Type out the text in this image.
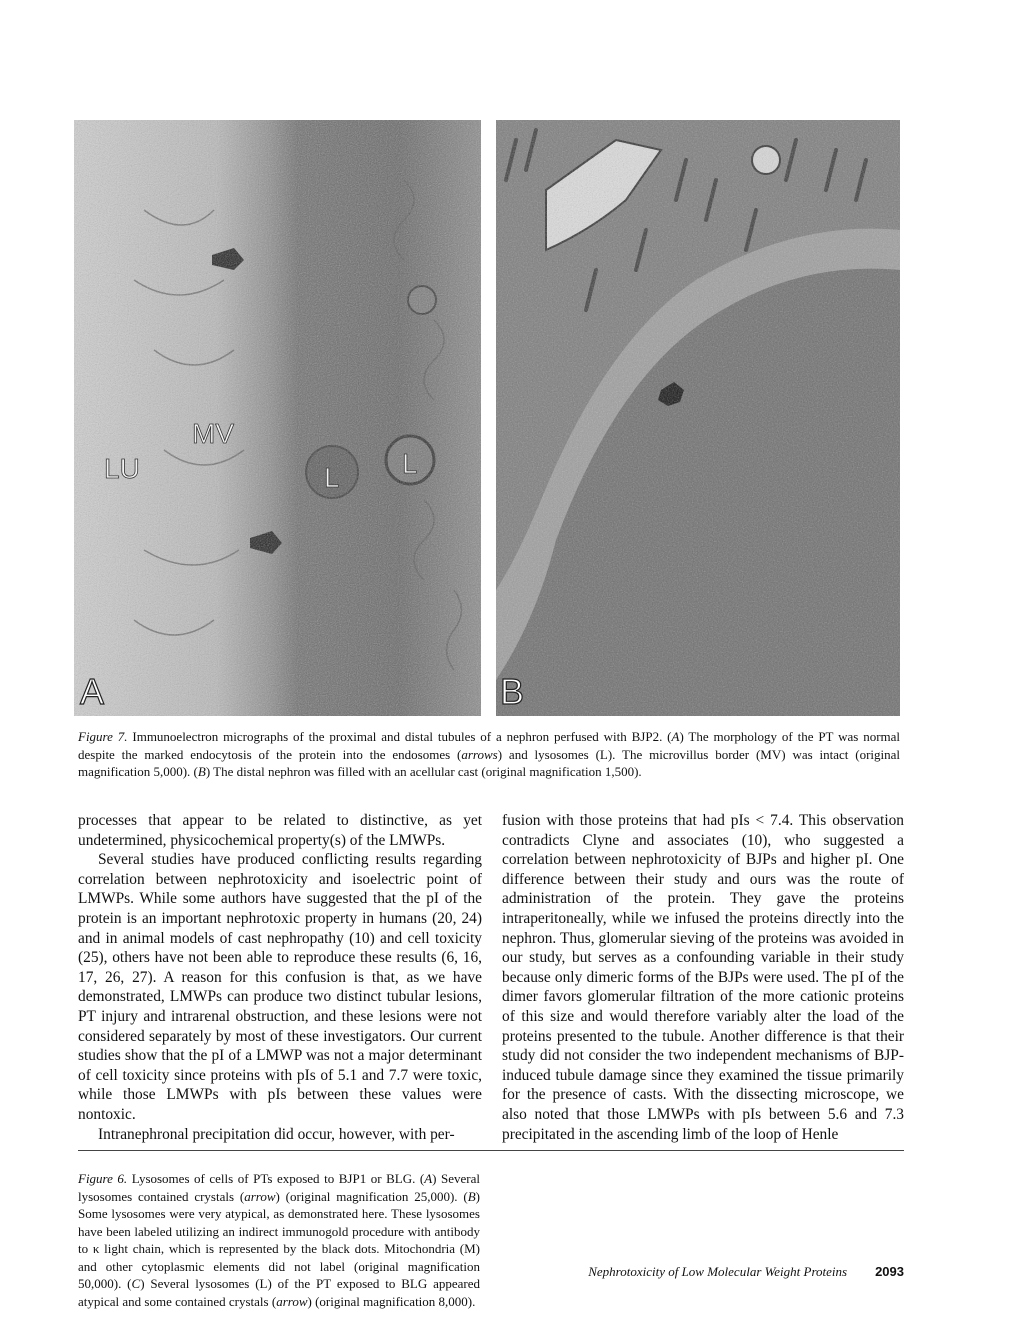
LU
MV
L L
A	B
Figure 7. Immunoelectron micrographs of the proximal and distal tubules of a nephron perfused with BJP2. (A) The morphology of the PT was normal despite the marked endocytosis of the protein into the endosomes (arrows) and lysosomes (L). The microvillus border (MV) was intact (original magnification 5,000). (B) The distal nephron was filled with an acellular cast (original magnification 1,500).

processes that appear to be related to distinctive, as yet undetermined, physicochemical property(s) of the LMWPs.

Several studies have produced conflicting results regarding correlation between nephrotoxicity and isoelectric point of LMWPs. While some authors have suggested that the pI of the protein is an important nephrotoxic property in humans (20, 24) and in animal models of cast nephropathy (10) and cell toxicity (25), others have not been able to reproduce these results (6, 16, 17, 26, 27). A reason for this confusion is that, as we have demonstrated, LMWPs can produce two distinct tubular lesions, PT injury and intrarenal obstruction, and these lesions were not considered separately by most of these investigators. Our current studies show that the pI of a LMWP was not a major determinant of cell toxicity since proteins with pIs of 5.1 and 7.7 were toxic, while those LMWPs with pIs between these values were nontoxic.

Intranephronal precipitation did occur, however, with per-

fusion with those proteins that had pIs < 7.4. This observation contradicts Clyne and associates (10), who suggested a correlation between nephrotoxicity of BJPs and higher pI. One difference between their study and ours was the route of administration of the protein. They gave the proteins intraperitoneally, while we infused the proteins directly into the nephron. Thus, glomerular sieving of the proteins was avoided in our study, but serves as a confounding variable in their study because only dimeric forms of the BJPs were used. The pI of the dimer favors glomerular filtration of the more cationic proteins of this size and would therefore variably alter the load of the proteins presented to the tubule. Another difference is that their study did not consider the two independent mechanisms of BJP-induced tubule damage since they examined the tissue primarily for the presence of casts. With the dissecting microscope, we also noted that those LMWPs with pIs between 5.6 and 7.3 precipitated in the ascending limb of the loop of Henle

Figure 6. Lysosomes of cells of PTs exposed to BJP1 or BLG. (A) Several lysosomes contained crystals (arrow) (original magnification 25,000). (B) Some lysosomes were very atypical, as demonstrated here. These lysosomes have been labeled utilizing an indirect immunogold procedure with antibody to κ light chain, which is represented by the black dots. Mitochondria (M) and other cytoplasmic elements did not label (original magnification 50,000). (C) Several lysosomes (L) of the PT exposed to BLG appeared atypical and some contained crystals (arrow) (original magnification 8,000).
Nephrotoxicity of Low Molecular Weight Proteins 2093
